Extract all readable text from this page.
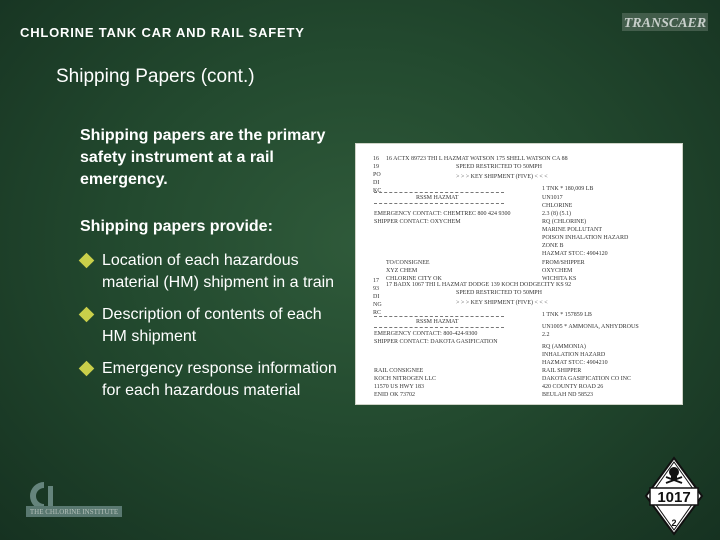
CHLORINE TANK CAR AND RAIL SAFETY
TRANSCAER
Shipping Papers (cont.)
Shipping papers are the primary safety instrument at a rail emergency.
Shipping papers provide:
Location of each hazardous material (HM) shipment in a train
Description of contents of each HM shipment
Emergency response information for each hazardous material
16
19
PO
DI
KC
17
93
DI
NG
RC
16 ACTX 89723 THI L HAZMAT WATSON 175 SHELL WATSON CA 88
SPEED RESTRICTED TO 50MPH
> > > KEY SHIPMENT (FIVE) < < <
1 TNK * 180,009 LB
RSSM HAZMAT	UN1017
CHLORINE
EMERGENCY CONTACT: CHEMTREC 800 424 9300	2.3 (8) (5.1)
SHIPPER CONTACT: OXYCHEM	RQ (CHLORINE)
MARINE POLLUTANT
POISON INHALATION HAZARD
ZONE B
HAZMAT STCC: 4904120
TO/CONSIGNEE	FROM/SHIPPER
XYZ CHEM	OXYCHEM
CHLORINE CITY OK	WICHITA KS
17 BADX 1067 THI L HAZMAT DODGE 139 KOCH DODGECITY KS 92
SPEED RESTRICTED TO 50MPH
> > > KEY SHIPMENT (FIVE) < < <
1 TNK * 157859 LB
RSSM HAZMAT
UN1005 * AMMONIA, ANHYDROUS
EMERGENCY CONTACT: 800-424-9300	2.2
SHIPPER CONTACT: DAKOTA GASIFICATION
RQ (AMMONIA)
INHALATION HAZARD
HAZMAT STCC: 4904210
RAIL CONSIGNEE	RAIL SHIPPER
KOCH NITROGEN LLC	DAKOTA GASIFICATION CO INC
11570 US HWY 183	420 COUNTY ROAD 26
ENID OK 73702	BEULAH ND 58523
THE CHLORINE INSTITUTE
1017
2
